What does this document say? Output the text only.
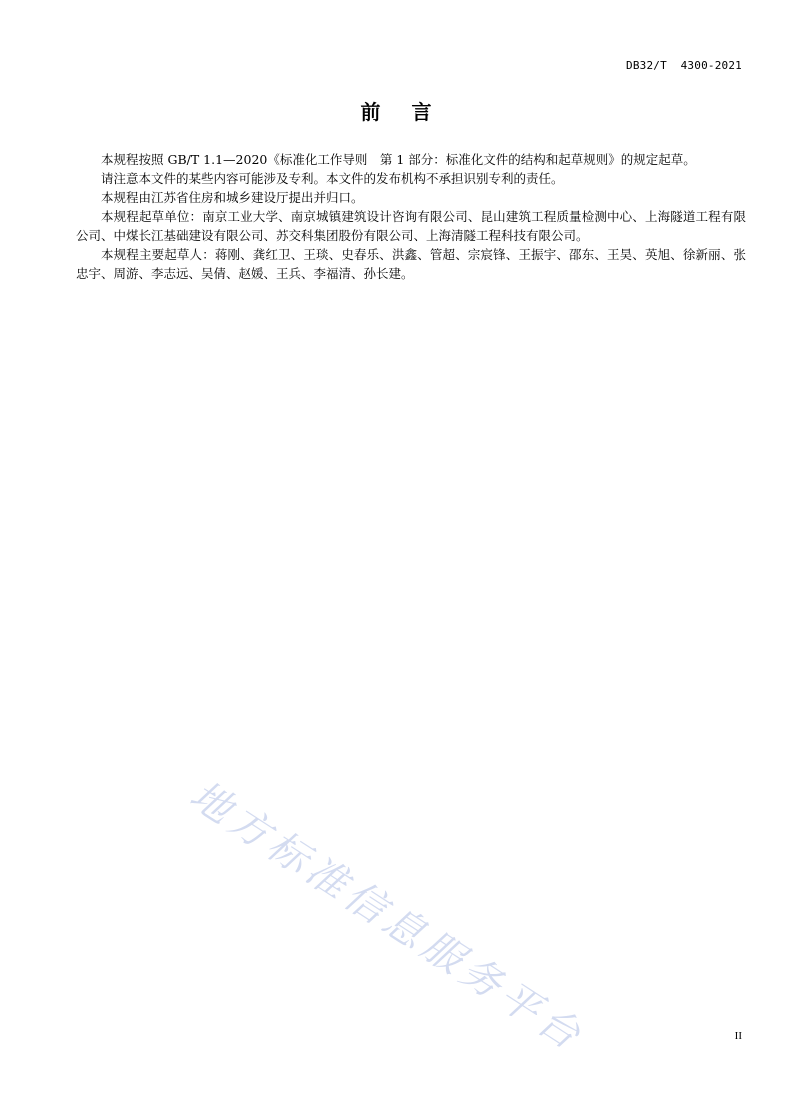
DB32/T  4300-2021
前 言

本规程按照 GB/T 1.1—2020《标准化工作导则　第 1 部分：标准化文件的结构和起草规则》的规定起草。

请注意本文件的某些内容可能涉及专利。本文件的发布机构不承担识别专利的责任。

本规程由江苏省住房和城乡建设厅提出并归口。

本规程起草单位：南京工业大学、南京城镇建筑设计咨询有限公司、昆山建筑工程质量检测中心、上海隧道工程有限公司、中煤长江基础建设有限公司、苏交科集团股份有限公司、上海清隧工程科技有限公司。

本规程主要起草人：蒋刚、龚红卫、王琰、史春乐、洪鑫、管超、宗宸锋、王振宇、邵东、王昊、英旭、徐新丽、张忠宇、周游、李志远、吴倩、赵媛、王兵、李福清、孙长建。

地方标准信息服务平台	II
